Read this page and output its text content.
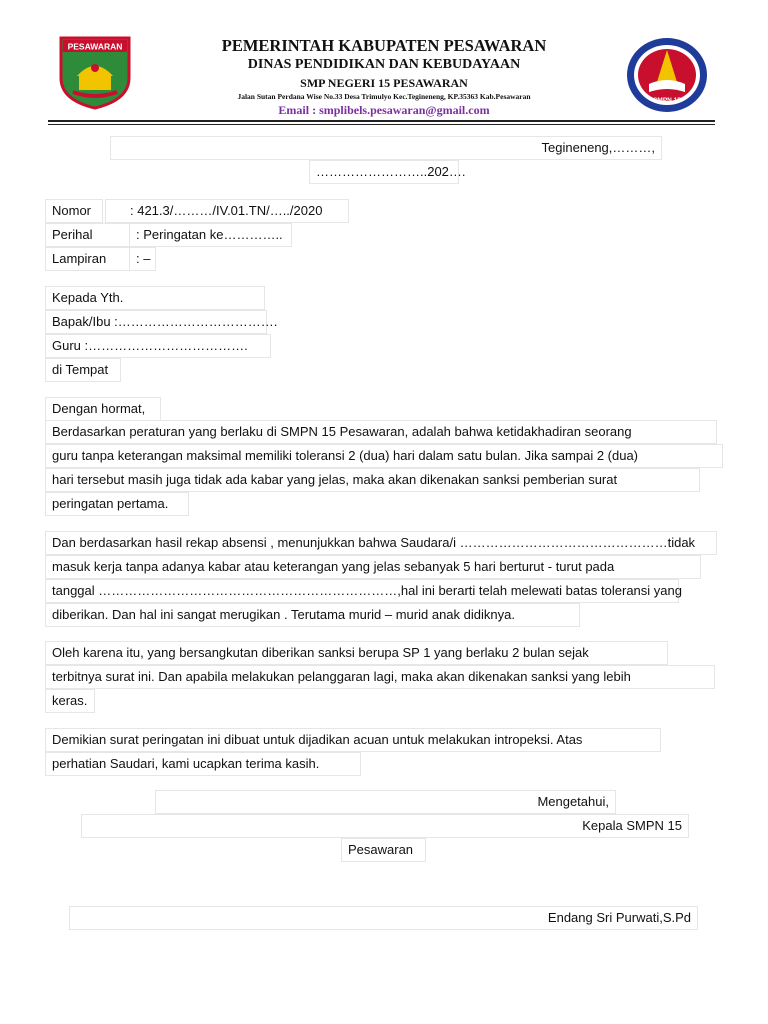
PESAWARAN	PEMERINTAH KABUPATEN PESAWARAN
DINAS PENDIDIKAN DAN KEBUDAYAAN
SMP NEGERI 15 PESAWARAN
Jalan Sutan Perdana Wise No.33 Desa Trimulyo Kec.Tegineneng, KP.35363 Kab.Pesawaran
Email : smplibels.pesawaran@gmail.com
SMPN 15
Tegineneng,………,
……………………..202….
Nomor	: 421.3/………/IV.01.TN/…../2020
Perihal	: Peringatan ke…………..
Lampiran	: –
Kepada Yth.
Bapak/Ibu :……………………………….
Guru :……………………………….
di Tempat
Dengan hormat,
Berdasarkan peraturan yang berlaku di SMPN 15 Pesawaran, adalah bahwa ketidakhadiran seorang
guru tanpa keterangan maksimal memiliki toleransi 2 (dua) hari dalam satu bulan. Jika sampai 2 (dua)
hari tersebut masih juga tidak ada kabar yang jelas, maka akan dikenakan sanksi pemberian surat
peringatan pertama.
Dan berdasarkan hasil rekap absensi , menunjukkan bahwa Saudara/i …………………………………………tidak
masuk kerja tanpa adanya kabar atau keterangan yang jelas sebanyak 5 hari berturut - turut pada
tanggal ……………………………………………………………,hal ini berarti telah melewati batas toleransi yang
diberikan. Dan hal ini sangat merugikan . Terutama murid – murid anak didiknya.
Oleh karena itu, yang bersangkutan diberikan sanksi berupa SP 1 yang berlaku 2 bulan sejak
terbitnya surat ini. Dan apabila melakukan pelanggaran lagi, maka akan dikenakan sanksi yang lebih
keras.
Demikian surat peringatan ini dibuat untuk dijadikan acuan untuk melakukan intropeksi. Atas
perhatian Saudari, kami ucapkan terima kasih.
Mengetahui,
Kepala SMPN 15
Pesawaran
Endang Sri Purwati,S.Pd
